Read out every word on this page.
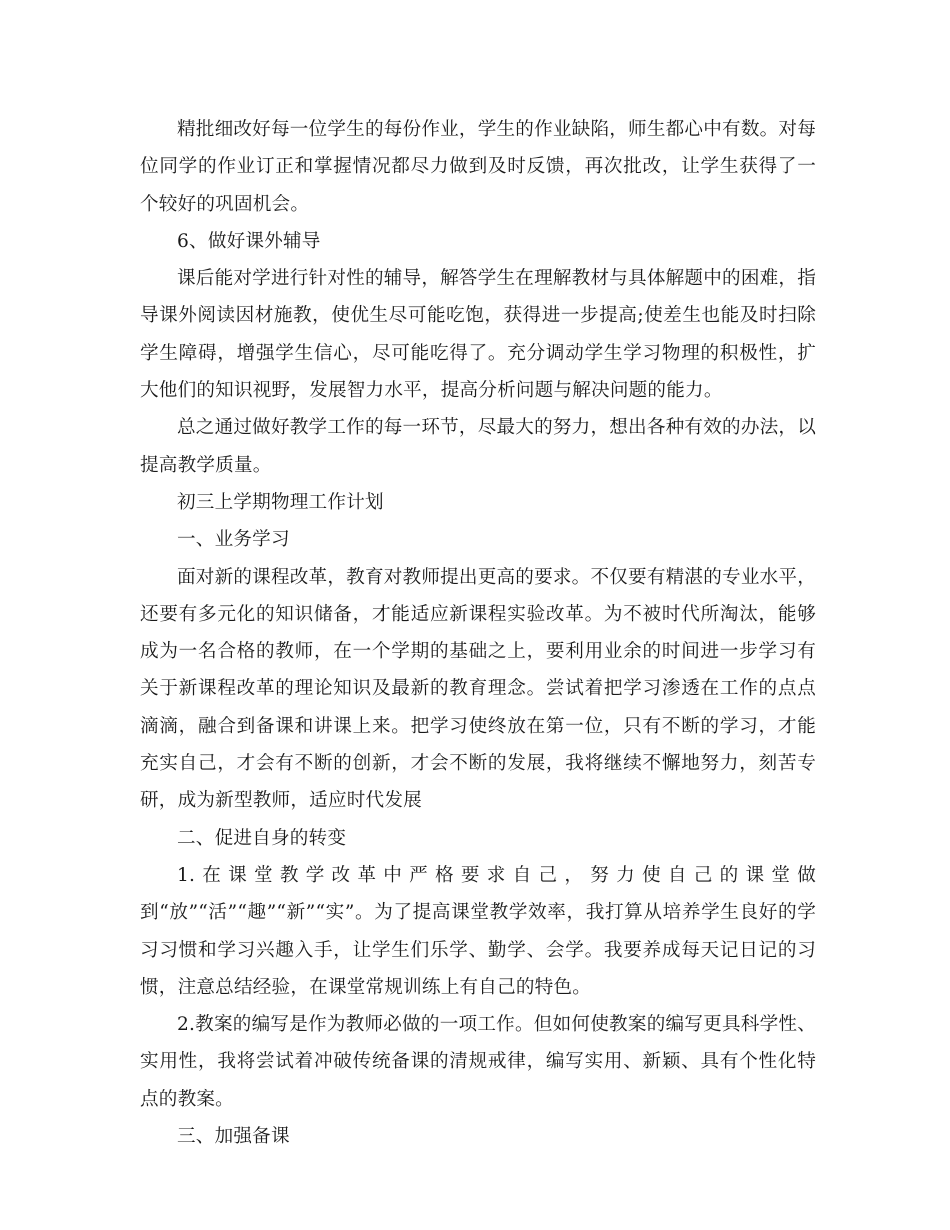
精批细改好每一位学生的每份作业，学生的作业缺陷，师生都心中有数。对每位同学的作业订正和掌握情况都尽力做到及时反馈，再次批改，让学生获得了一个较好的巩固机会。

6、做好课外辅导

课后能对学进行针对性的辅导，解答学生在理解教材与具体解题中的困难，指导课外阅读因材施教，使优生尽可能吃饱，获得进一步提高;使差生也能及时扫除学生障碍，增强学生信心，尽可能吃得了。充分调动学生学习物理的积极性，扩大他们的知识视野，发展智力水平，提高分析问题与解决问题的能力。

总之通过做好教学工作的每一环节，尽最大的努力，想出各种有效的办法，以提高教学质量。

初三上学期物理工作计划

一、业务学习

面对新的课程改革，教育对教师提出更高的要求。不仅要有精湛的专业水平，还要有多元化的知识储备，才能适应新课程实验改革。为不被时代所淘汰，能够成为一名合格的教师，在一个学期的基础之上，要利用业余的时间进一步学习有关于新课程改革的理论知识及最新的教育理念。尝试着把学习渗透在工作的点点滴滴，融合到备课和讲课上来。把学习使终放在第一位，只有不断的学习，才能充实自己，才会有不断的创新，才会不断的发展，我将继续不懈地努力，刻苦专研，成为新型教师，适应时代发展

二、促进自身的转变

1.在课堂教学改革中严格要求自己，努力使自己的课堂做到“放”“活”“趣”“新”“实”。为了提高课堂教学效率，我打算从培养学生良好的学习习惯和学习兴趣入手，让学生们乐学、勤学、会学。我要养成每天记日记的习惯，注意总结经验，在课堂常规训练上有自己的特色。

2.教案的编写是作为教师必做的一项工作。但如何使教案的编写更具科学性、实用性，我将尝试着冲破传统备课的清规戒律，编写实用、新颖、具有个性化特点的教案。

三、加强备课
